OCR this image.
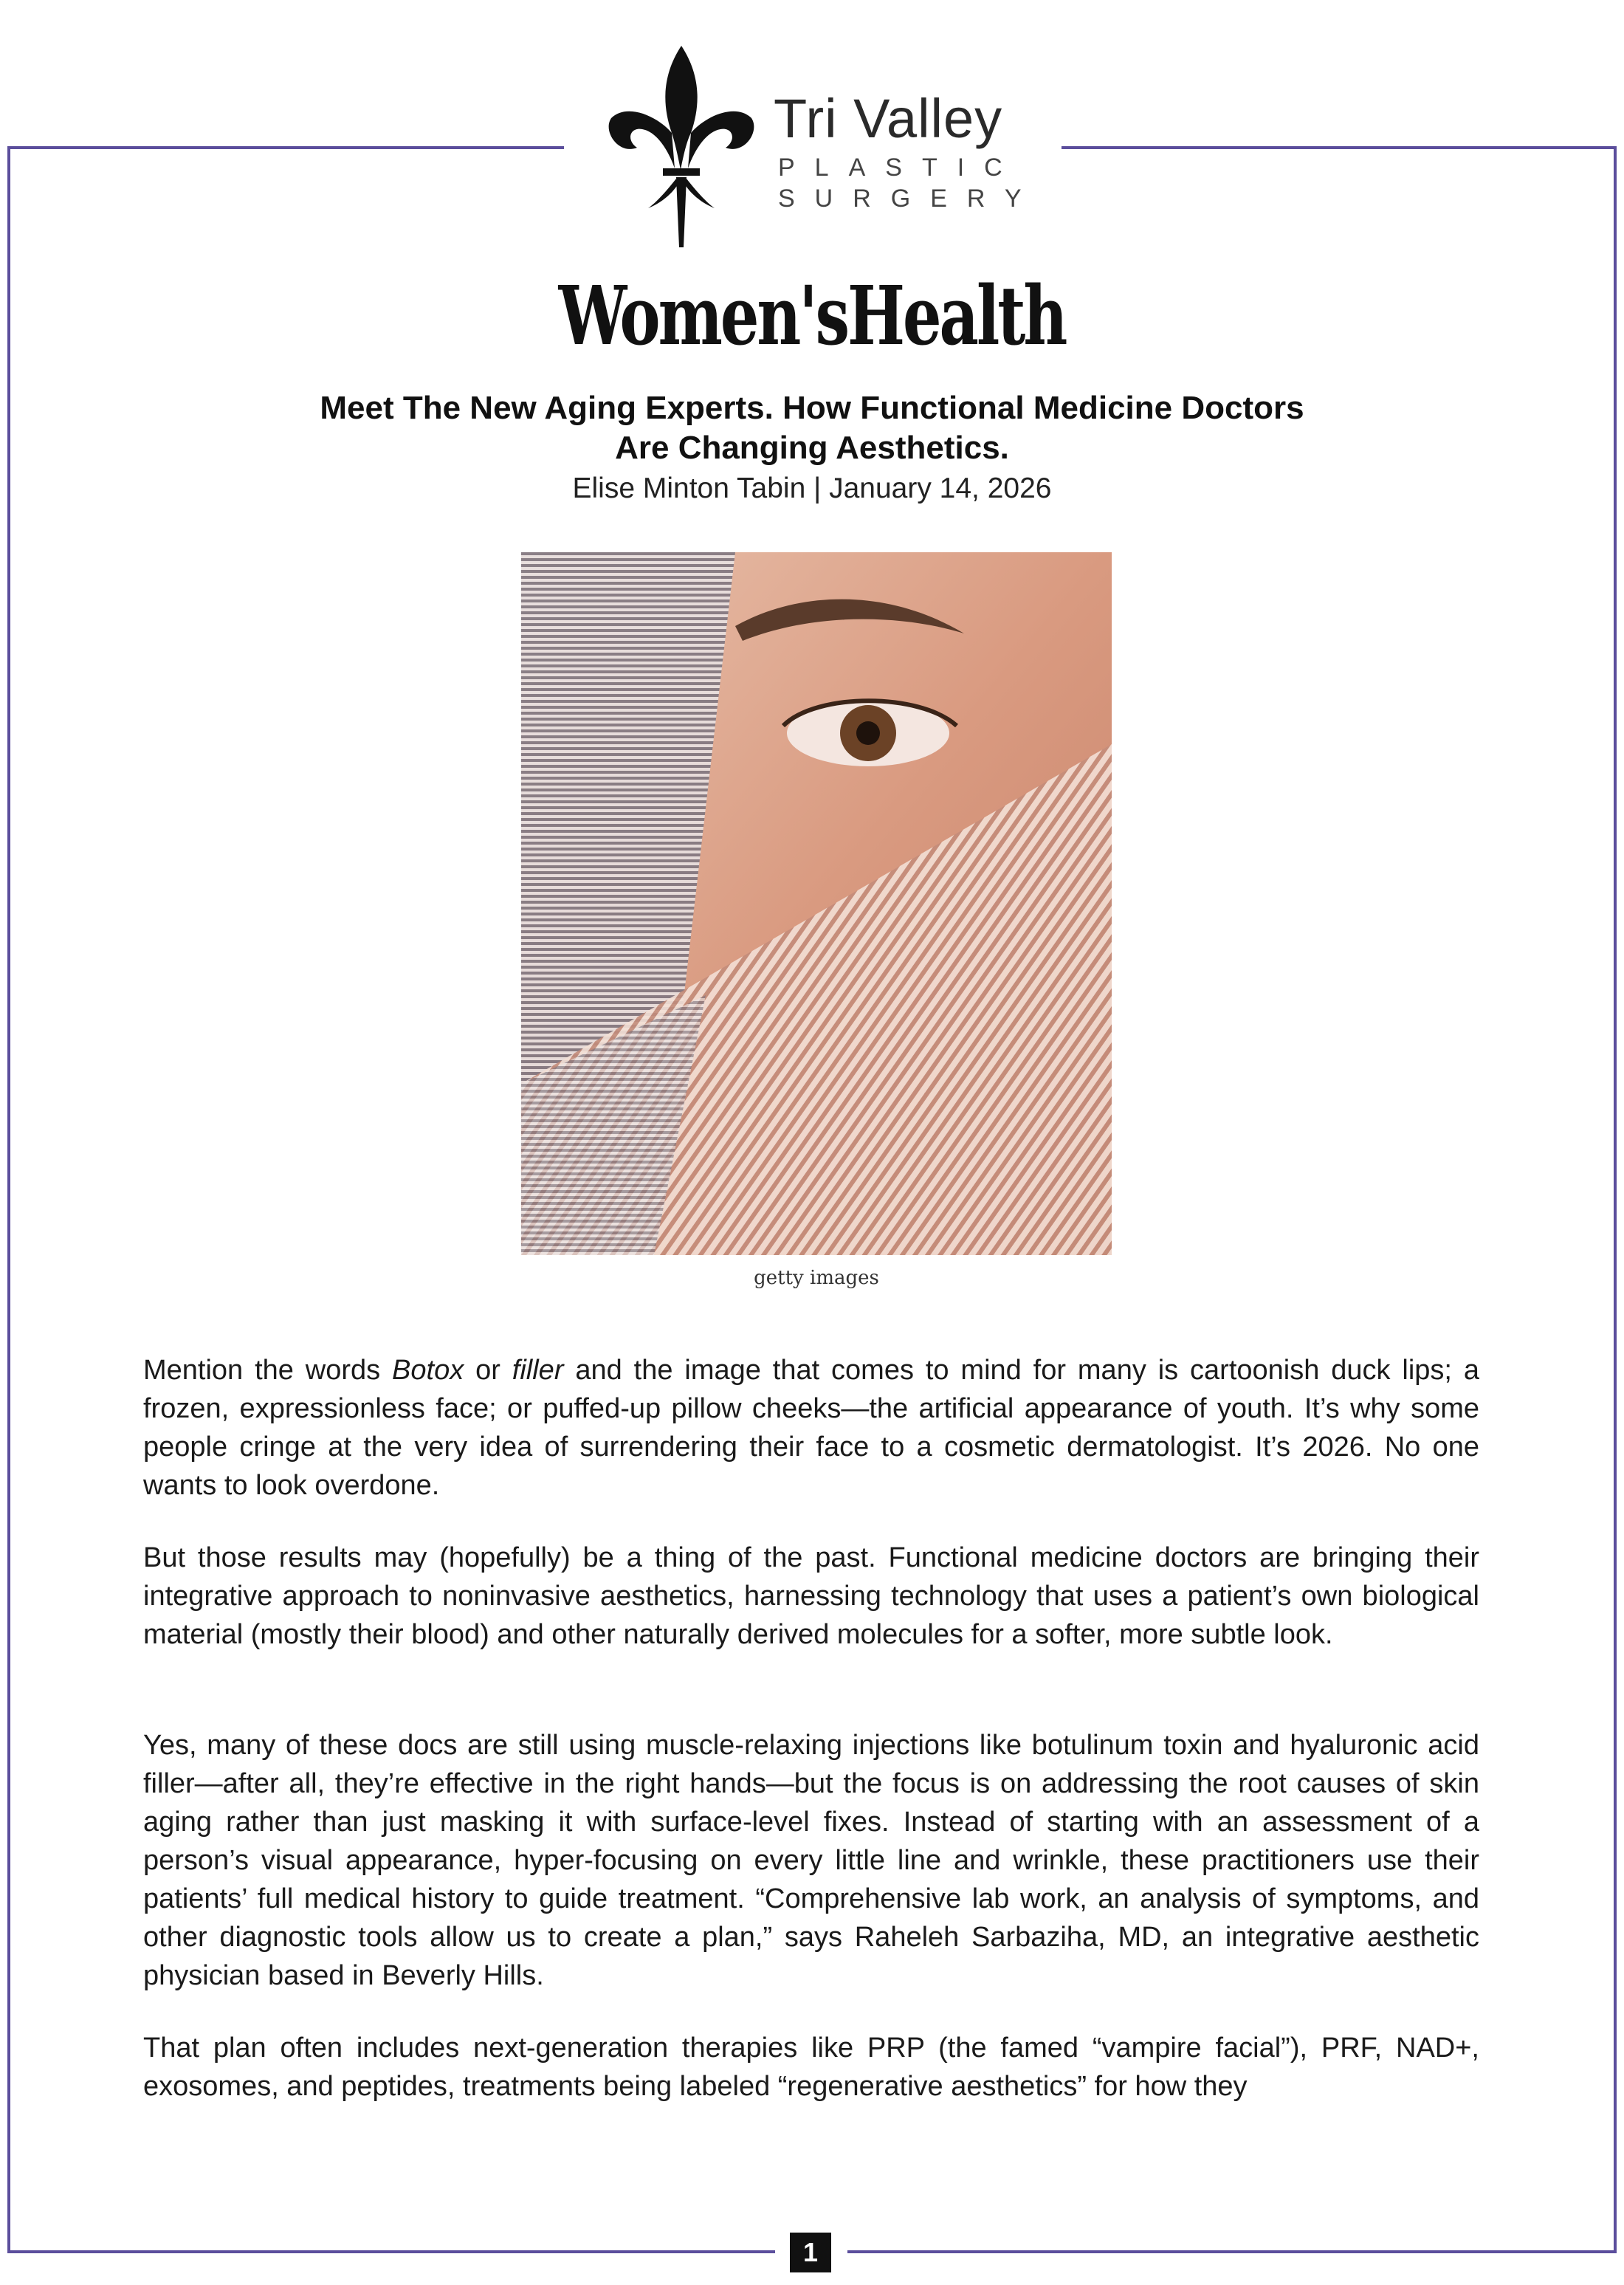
Tri Valley
PLASTIC
SURGERY
Women'sHealth
Meet The New Aging Experts. How Functional Medicine Doctors
Are Changing Aesthetics.
Elise Minton Tabin | January 14, 2026
getty images

Mention the words Botox or filler and the image that comes to mind for many is cartoonish duck lips; a frozen, expressionless face; or puffed-up pillow cheeks—the artificial appearance of youth. It’s why some people cringe at the very idea of surrendering their face to a cosmetic dermatologist. It’s 2026. No one wants to look overdone.

But those results may (hopefully) be a thing of the past. Functional medicine doctors are bringing their integrative approach to noninvasive aesthetics, harnessing technology that uses a patient’s own biological material (mostly their blood) and other naturally derived molecules for a softer, more subtle look.

Yes, many of these docs are still using muscle-relaxing injections like botulinum toxin and hyaluronic acid filler—after all, they’re effective in the right hands—but the focus is on addressing the root causes of skin aging rather than just masking it with surface-level fixes. Instead of starting with an assessment of a person’s visual appearance, hyper-focusing on every little line and wrinkle, these practitioners use their patients’ full medical history to guide treatment. “Comprehensive lab work, an analysis of symptoms, and other diagnostic tools allow us to create a plan,” says Raheleh Sarbaziha, MD, an integrative aesthetic physician based in Beverly Hills.

That plan often includes next-generation therapies like PRP (the famed “vampire facial”), PRF, NAD+, exosomes, and peptides, treatments being labeled “regenerative aesthetics” for how they

1
